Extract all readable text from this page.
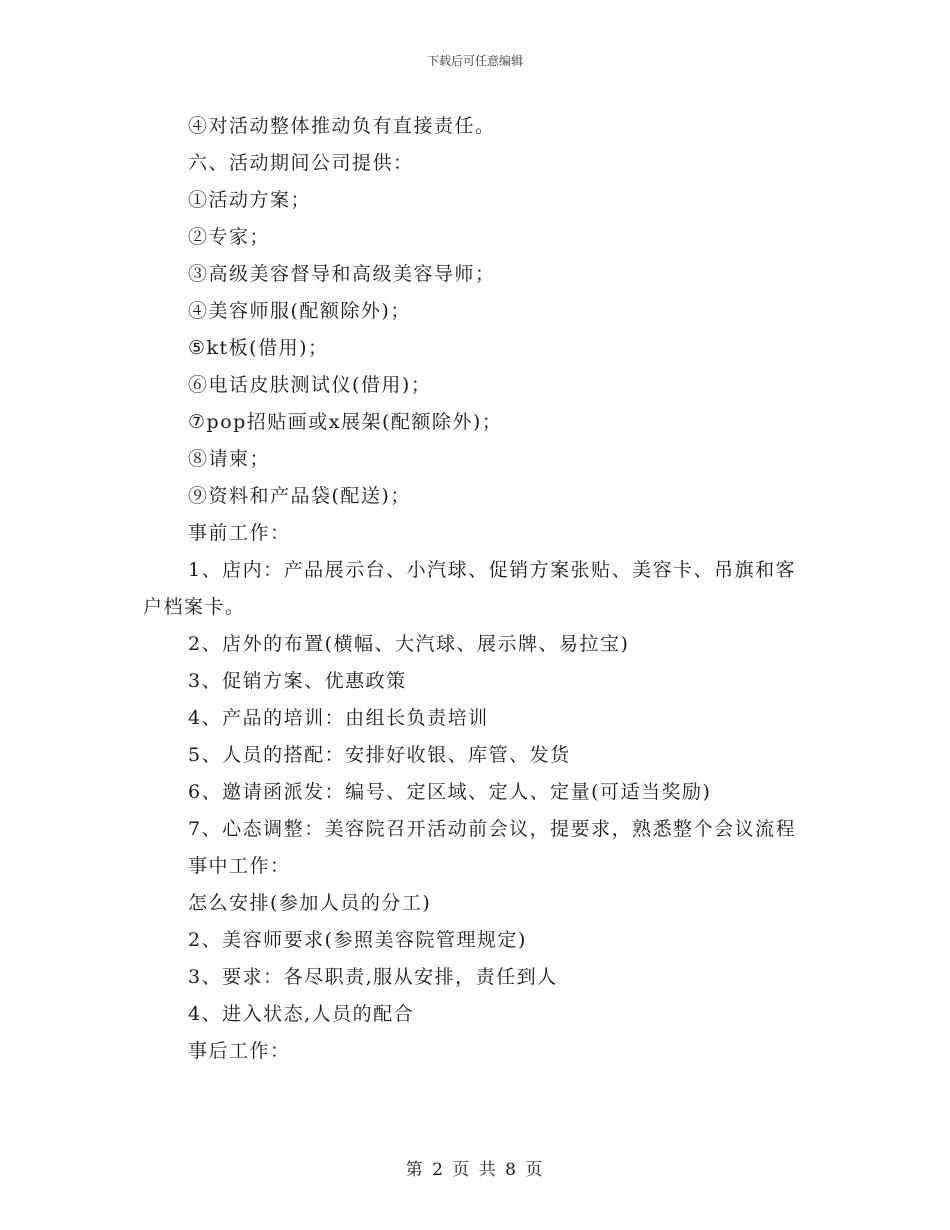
下载后可任意编辑

④对活动整体推动负有直接责任。

六、活动期间公司提供：

①活动方案；

②专家；

③高级美容督导和高级美容导师；

④美容师服(配额除外)；

⑤kt板(借用)；

⑥电话皮肤测试仪(借用)；

⑦pop招贴画或x展架(配额除外)；

⑧请柬；

⑨资料和产品袋(配送)；

事前工作：

1、店内：产品展示台、小汽球、促销方案张贴、美容卡、吊旗和客户档案卡。

2、店外的布置(横幅、大汽球、展示牌、易拉宝)

3、促销方案、优惠政策

4、产品的培训：由组长负责培训

5、人员的搭配：安排好收银、库管、发货

6、邀请函派发：编号、定区域、定人、定量(可适当奖励)

7、心态调整：美容院召开活动前会议，提要求，熟悉整个会议流程

事中工作：

怎么安排(参加人员的分工)

2、美容师要求(参照美容院管理规定)

3、要求：各尽职责,服从安排，责任到人

4、进入状态,人员的配合

事后工作：

第 2 页 共 8 页
